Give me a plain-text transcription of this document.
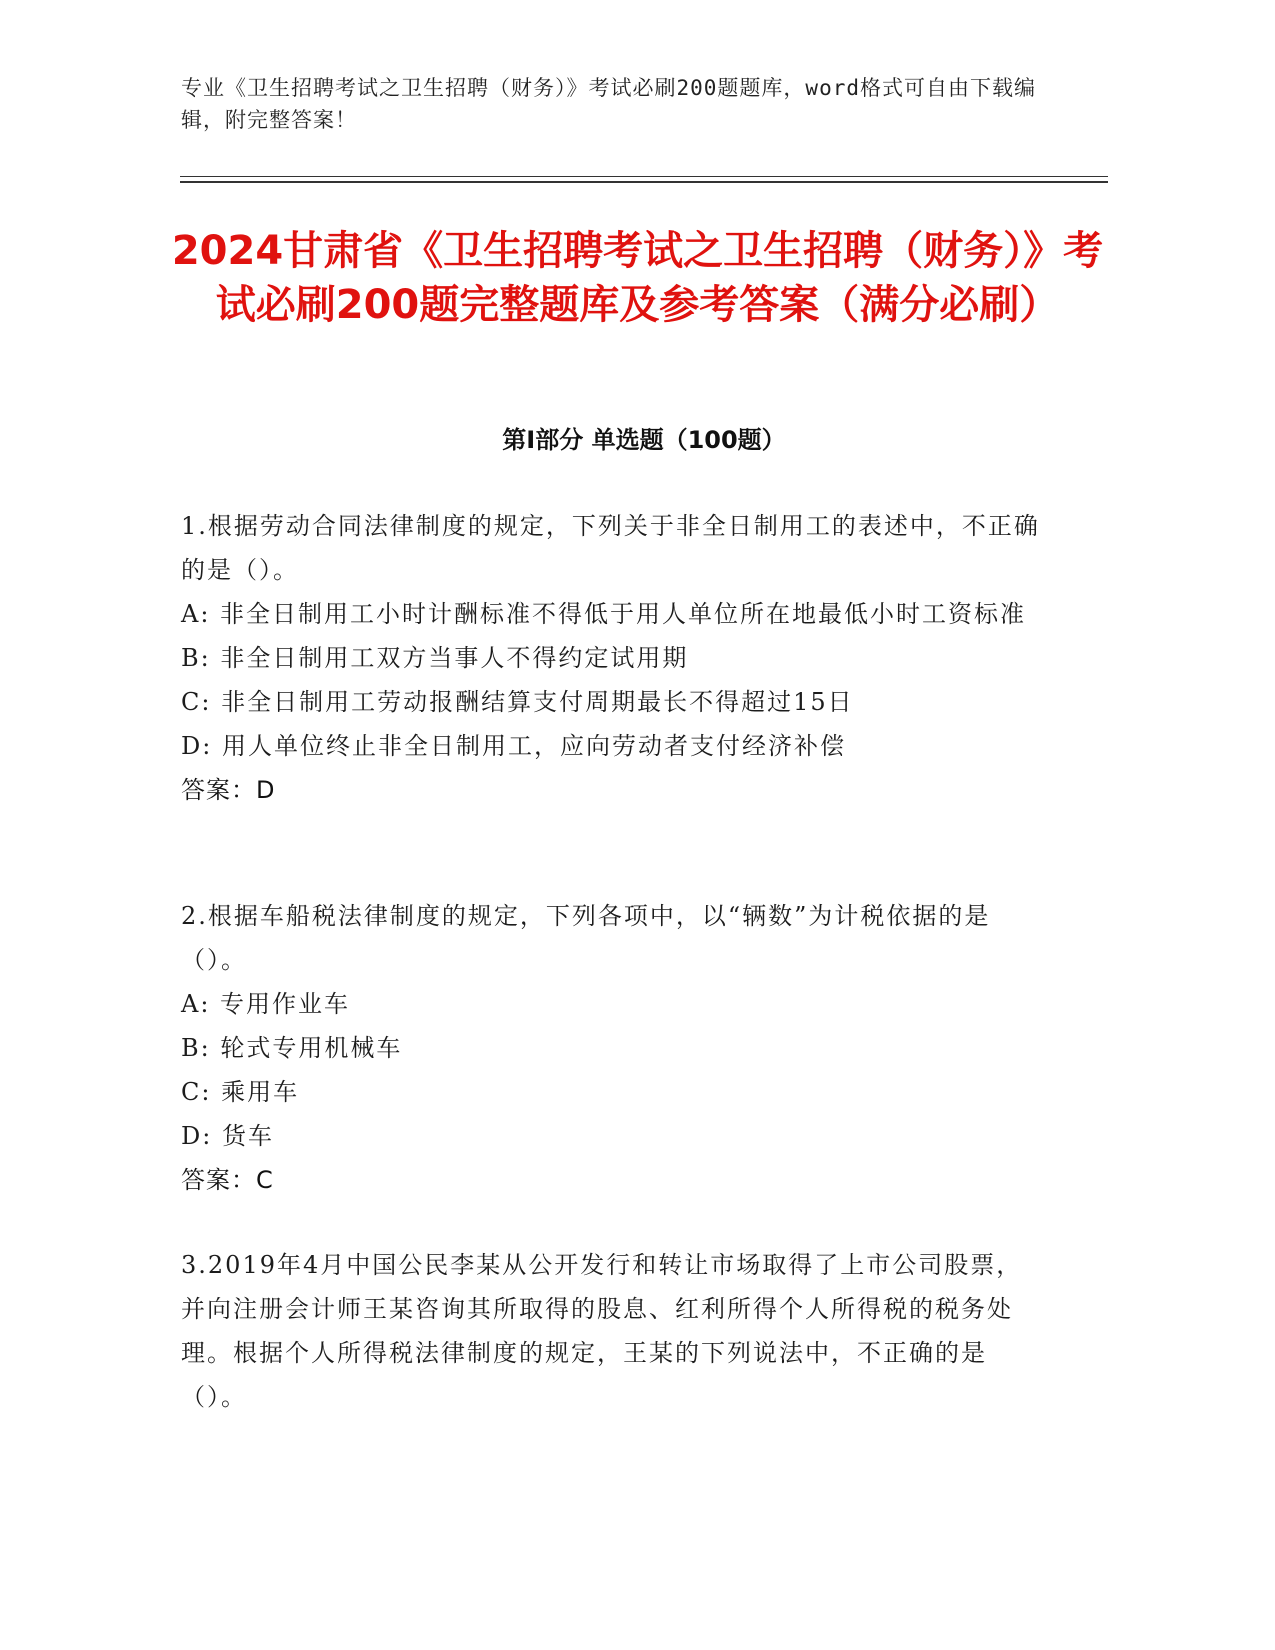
专业《卫生招聘考试之卫生招聘（财务）》考试必刷200题题库，word格式可自由下载编辑，附完整答案！
2024甘肃省《卫生招聘考试之卫生招聘（财务）》考试必刷200题完整题库及参考答案（满分必刷）
第Ⅰ部分 单选题（100题）

1.根据劳动合同法律制度的规定，下列关于非全日制用工的表述中，不正确的是（）。

A: 非全日制用工小时计酬标准不得低于用人单位所在地最低小时工资标准

B: 非全日制用工双方当事人不得约定试用期

C: 非全日制用工劳动报酬结算支付周期最长不得超过15日

D: 用人单位终止非全日制用工，应向劳动者支付经济补偿

答案：D

2.根据车船税法律制度的规定，下列各项中，以“辆数”为计税依据的是（）。

A: 专用作业车

B: 轮式专用机械车

C: 乘用车

D: 货车

答案：C

3.2019年4月中国公民李某从公开发行和转让市场取得了上市公司股票，并向注册会计师王某咨询其所取得的股息、红利所得个人所得税的税务处理。根据个人所得税法律制度的规定，王某的下列说法中，不正确的是（）。
